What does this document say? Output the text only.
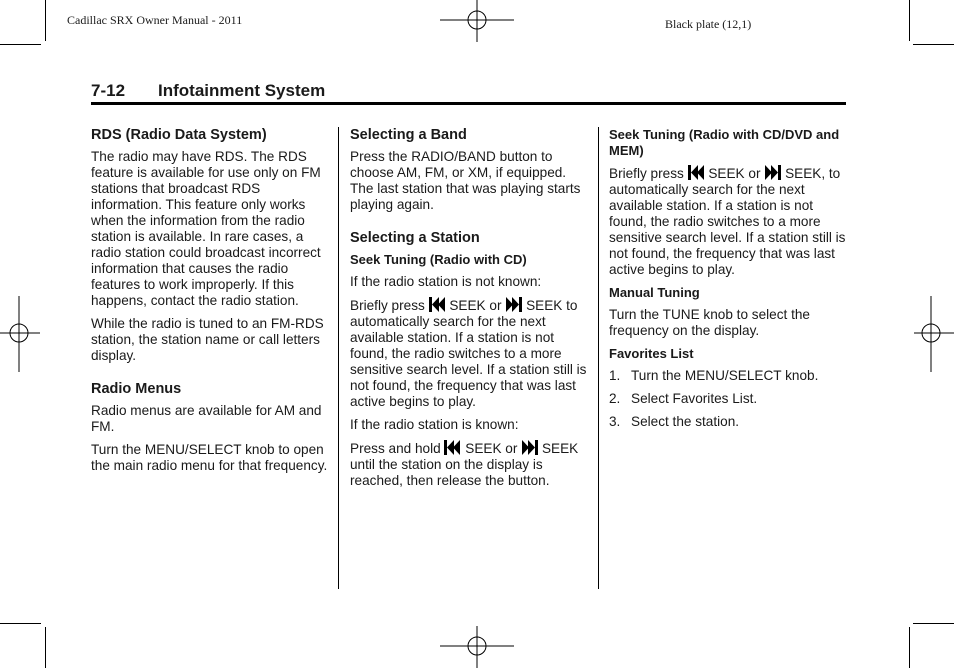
Cadillac SRX Owner Manual - 2011	Black plate (12,1)
7-12 Infotainment System
RDS (Radio Data System)

The radio may have RDS. The RDS feature is available for use only on FM stations that broadcast RDS information. This feature only works when the information from the radio station is available. In rare cases, a radio station could broadcast incorrect information that causes the radio features to work improperly. If this happens, contact the radio station.

While the radio is tuned to an FM-RDS station, the station name or call letters display.

Radio Menus

Radio menus are available for AM and FM.

Turn the MENU/SELECT knob to open the main radio menu for that frequency.

Selecting a Band

Press the RADIO/BAND button to choose AM, FM, or XM, if equipped. The last station that was playing starts playing again.

Selecting a Station
Seek Tuning (Radio with CD)

If the radio station is not known:

Briefly press SEEK or SEEK to automatically search for the next available station. If a station is not found, the radio switches to a more sensitive search level. If a station still is not found, the frequency that was last active begins to play.

If the radio station is known:

Press and hold SEEK or SEEK until the station on the display is reached, then release the button.

Seek Tuning (Radio with CD/DVD and MEM)

Briefly press SEEK or SEEK, to automatically search for the next available station. If a station is not found, the radio switches to a more sensitive search level. If a station still is not found, the frequency that was last active begins to play.

Manual Tuning

Turn the TUNE knob to select the frequency on the display.

Favorites List
1. Turn the MENU/SELECT knob.
2. Select Favorites List.
3. Select the station.
